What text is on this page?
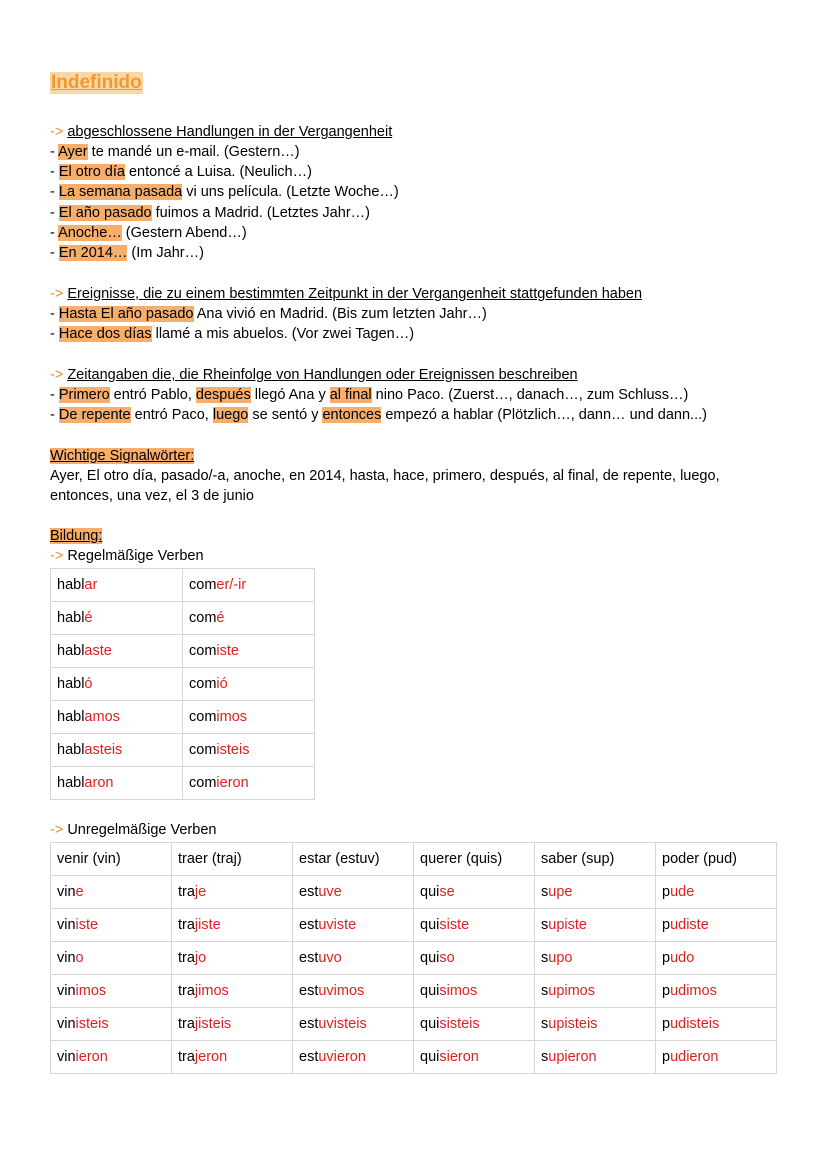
Indefinido
-> abgeschlossene Handlungen in der Vergangenheit
- Ayer te mandé un e-mail. (Gestern…)
- El otro día entoncé a Luisa. (Neulich…)
- La semana pasada vi uns película. (Letzte Woche…)
- El año pasado fuimos a Madrid. (Letztes Jahr…)
- Anoche… (Gestern Abend…)
- En 2014… (Im Jahr…)
-> Ereignisse, die zu einem bestimmten Zeitpunkt in der Vergangenheit stattgefunden haben
- Hasta El año pasado Ana vivió en Madrid. (Bis zum letzten Jahr…)
- Hace dos días llamé a mis abuelos. (Vor zwei Tagen…)
-> Zeitangaben die, die Rheinfolge von Handlungen oder Ereignissen beschreiben
- Primero entró Pablo, después llegó Ana y al final nino Paco. (Zuerst…, danach…, zum Schluss…)
- De repente entró Paco, luego se sentó y entonces empezó a hablar (Plötzlich…, dann… und dann...)
Wichtige Signalwörter:
Ayer, El otro día, pasado/-a, anoche, en 2014, hasta, hace, primero, después, al final, de repente, luego, entonces, una vez, el 3 de junio
Bildung:
-> Regelmäßige Verben
hablar	comer/-ir
hablé	comé
hablaste	comiste
habló	comió
hablamos	comimos
hablasteis	comisteis
hablaron	comieron
-> Unregelmäßige Verben
venir (vin)	traer (traj)	estar (estuv)	querer (quis)	saber (sup)	poder (pud)
vine	traje	estuve	quise	supe	pude
viniste	trajiste	estuviste	quisiste	supiste	pudiste
vino	trajo	estuvo	quiso	supo	pudo
vinimos	trajimos	estuvimos	quisimos	supimos	pudimos
vinisteis	trajisteis	estuvisteis	quisisteis	supisteis	pudisteis
vinieron	trajeron	estuvieron	quisieron	supieron	pudieron
